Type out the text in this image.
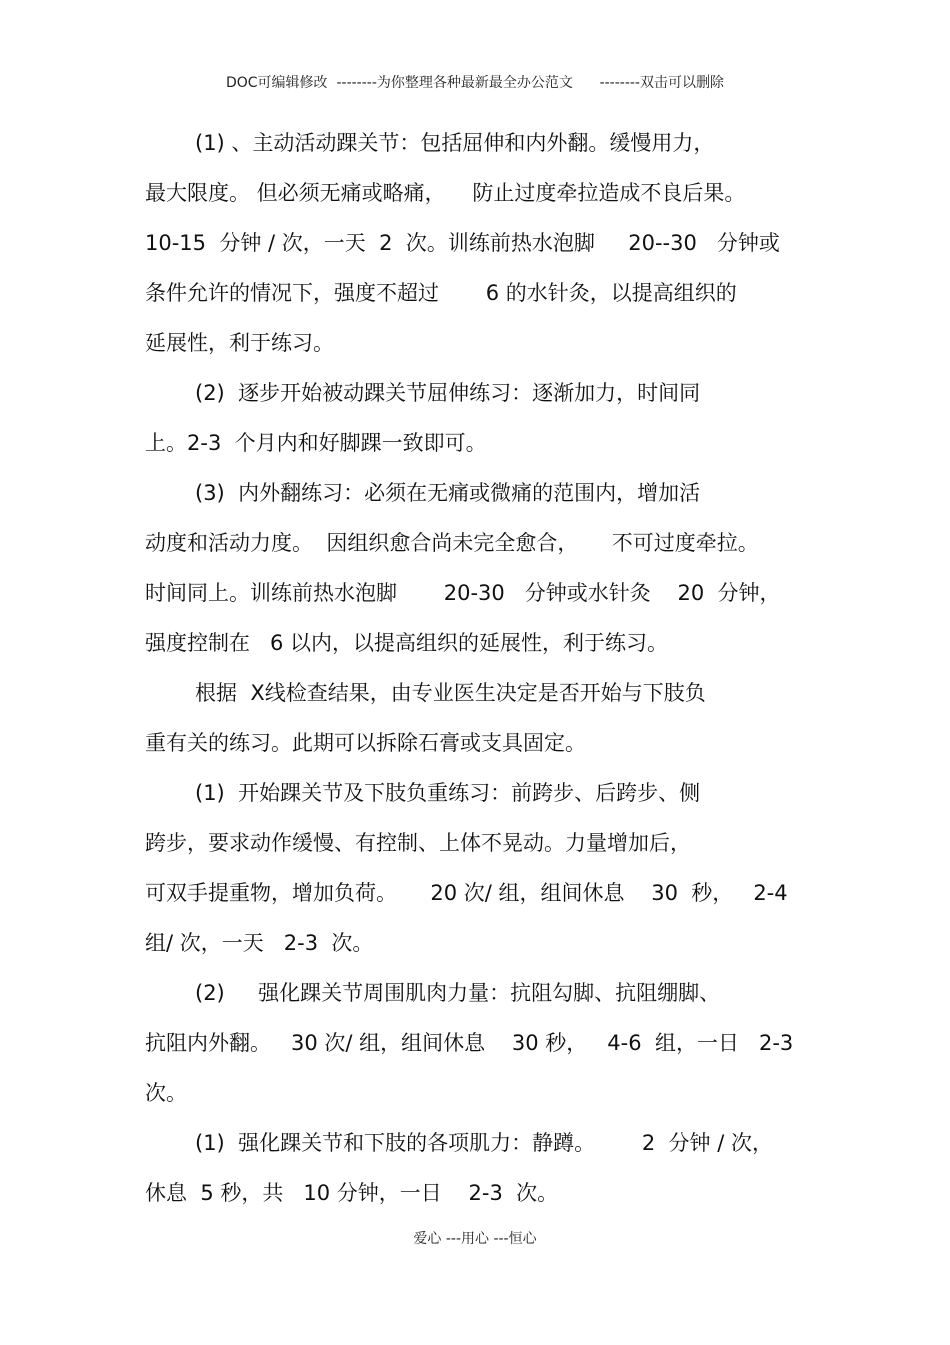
DOC可编辑修改  --------为你整理各种最新最全办公范文      --------双击可以删除
(1) 、主动活动踝关节：包括屈伸和内外翻。缓慢用力，
最大限度。 但必须无痛或略痛，    防止过度牵拉造成不良后果。
10-15  分钟 / 次，一天  2  次。训练前热水泡脚     20--30   分钟或
条件允许的情况下，强度不超过       6 的水针灸，以提高组织的
延展性，利于练习。
(2)  逐步开始被动踝关节屈伸练习：逐渐加力，时间同
上。2-3  个月内和好脚踝一致即可。
(3)  内外翻练习：必须在无痛或微痛的范围内，增加活
动度和活动力度。  因组织愈合尚未完全愈合，     不可过度牵拉。
时间同上。训练前热水泡脚       20-30   分钟或水针灸    20  分钟，
强度控制在   6 以内，以提高组织的延展性，利于练习。
根据  X线检查结果，由专业医生决定是否开始与下肢负
重有关的练习。此期可以拆除石膏或支具固定。
(1)  开始踝关节及下肢负重练习：前跨步、后跨步、侧
跨步，要求动作缓慢、有控制、上体不晃动。力量增加后，
可双手提重物，增加负荷。     20 次/ 组，组间休息    30  秒，   2-4
组/ 次，一天   2-3  次。
(2)     强化踝关节周围肌肉力量：抗阻勾脚、抗阻绷脚、
抗阻内外翻。   30 次/ 组，组间休息    30 秒，   4-6  组，一日   2-3
次。
(1)  强化踝关节和下肢的各项肌力：静蹲。       2  分钟 / 次，
休息  5 秒，共   10 分钟，一日    2-3  次。
爱心 ---用心 ---恒心
